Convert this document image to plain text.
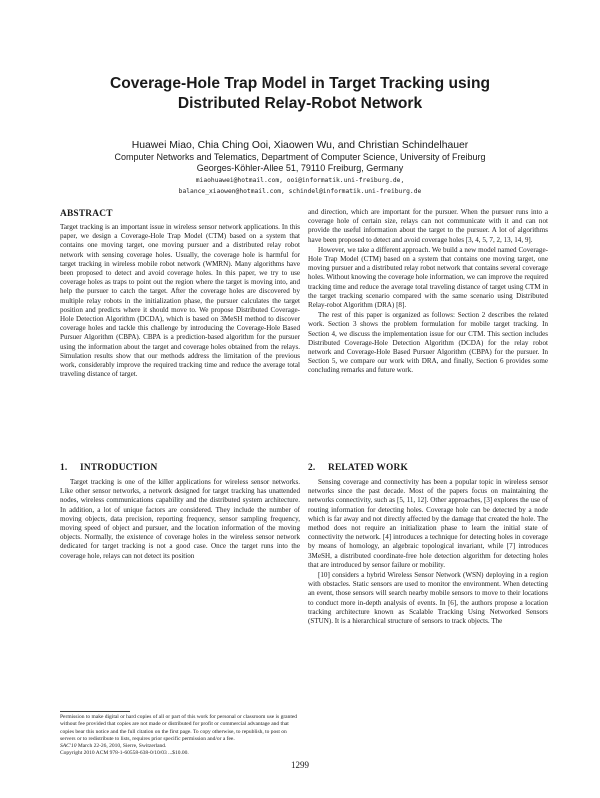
Coverage-Hole Trap Model in Target Tracking using
Distributed Relay-Robot Network
Huawei Miao, Chia Ching Ooi, Xiaowen Wu, and Christian Schindelhauer
Computer Networks and Telematics, Department of Computer Science, University of Freiburg
Georges-Köhler-Allee 51, 79110 Freiburg, Germany
miaohuawei@hotmail.com, ooi@informatik.uni-freiburg.de,
balance_xiaowen@hotmail.com, schindel@informatik.uni-freiburg.de
ABSTRACT

Target tracking is an important issue in wireless sensor network applications. In this paper, we design a Coverage-Hole Trap Model (CTM) based on a system that contains one moving target, one moving pursuer and a distributed relay robot network with sensing coverage holes. Usually, the coverage hole is harmful for target tracking in wireless mobile robot network (WMRN). Many algorithms have been proposed to detect and avoid coverage holes. In this paper, we try to use coverage holes as traps to point out the region where the target is moving into, and help the pursuer to catch the target. After the coverage holes are discovered by multiple relay robots in the initialization phase, the pursuer calculates the target position and predicts where it should move to. We propose Distributed Coverage-Hole Detection Algorithm (DCDA), which is based on 3MeSH method to discover coverage holes and tackle this challenge by introducing the Coverage-Hole Based Pursuer Algorithm (CBPA). CBPA is a prediction-based algorithm for the pursuer using the information about the target and coverage holes obtained from the relays. Simulation results show that our methods address the limitation of the previous work, considerably improve the required tracking time and reduce the average total traveling distance of target.

1. INTRODUCTION

Target tracking is one of the killer applications for wireless sensor networks. Like other sensor networks, a network designed for target tracking has unattended nodes, wireless communications capability and the distributed system architecture. In addition, a lot of unique factors are considered. They include the number of moving objects, data precision, reporting frequency, sensor sampling frequency, moving speed of object and pursuer, and the location information of the moving objects. Normally, the existence of coverage holes in the wireless sensor network dedicated for target tracking is not a good case. Once the target runs into the coverage hole, relays can not detect its position

Permission to make digital or hard copies of all or part of this work for personal or classroom use is granted without fee provided that copies are not made or distributed for profit or commercial advantage and that copies bear this notice and the full citation on the first page. To copy otherwise, to republish, to post on servers or to redistribute to lists, requires prior specific permission and/or a fee.

SAC'10 March 22-26, 2010, Sierre, Switzerland.

Copyright 2010 ACM 978-1-60558-638-0/10/03 ...$10.00.

and direction, which are important for the pursuer. When the pursuer runs into a coverage hole of certain size, relays can not communicate with it and can not provide the useful information about the target to the pursuer. A lot of algorithms have been proposed to detect and avoid coverage holes [3, 4, 5, 7, 2, 13, 14, 9].

However, we take a different approach. We build a new model named Coverage-Hole Trap Model (CTM) based on a system that contains one moving target, one moving pursuer and a distributed relay robot network that contains several coverage holes. Without knowing the coverage hole information, we can improve the required tracking time and reduce the average total traveling distance of target using CTM in the target tracking scenario compared with the same scenario using Distributed Relay-robot Algorithm (DRA) [8].

The rest of this paper is organized as follows: Section 2 describes the related work. Section 3 shows the problem formulation for mobile target tracking. In Section 4, we discuss the implementation issue for our CTM. This section includes Distributed Coverage-Hole Detection Algorithm (DCDA) for the relay robot network and Coverage-Hole Based Pursuer Algorithm (CBPA) for the pursuer. In Section 5, we compare our work with DRA, and finally, Section 6 provides some concluding remarks and future work.

2. RELATED WORK

Sensing coverage and connectivity has been a popular topic in wireless sensor networks since the past decade. Most of the papers focus on maintaining the networks connectivity, such as [5, 11, 12]. Other approaches, [3] explores the use of routing information for detecting holes. Coverage hole can be detected by a node which is far away and not directly affected by the damage that created the hole. The method does not require an initialization phase to learn the initial state of connectivity the network. [4] introduces a technique for detecting holes in coverage by means of homology, an algebraic topological invariant, while [7] introduces 3MeSH, a distributed coordinate-free hole detection algorithm for detecting holes that are introduced by sensor failure or mobility.

[10] considers a hybrid Wireless Sensor Network (WSN) deploying in a region with obstacles. Static sensors are used to monitor the environment. When detecting an event, those sensors will search nearby mobile sensors to move to their locations to conduct more in-depth analysis of events. In [6], the authors propose a location tracking architecture known as Scalable Tracking Using Networked Sensors (STUN). It is a hierarchical structure of sensors to track objects. The

1299
